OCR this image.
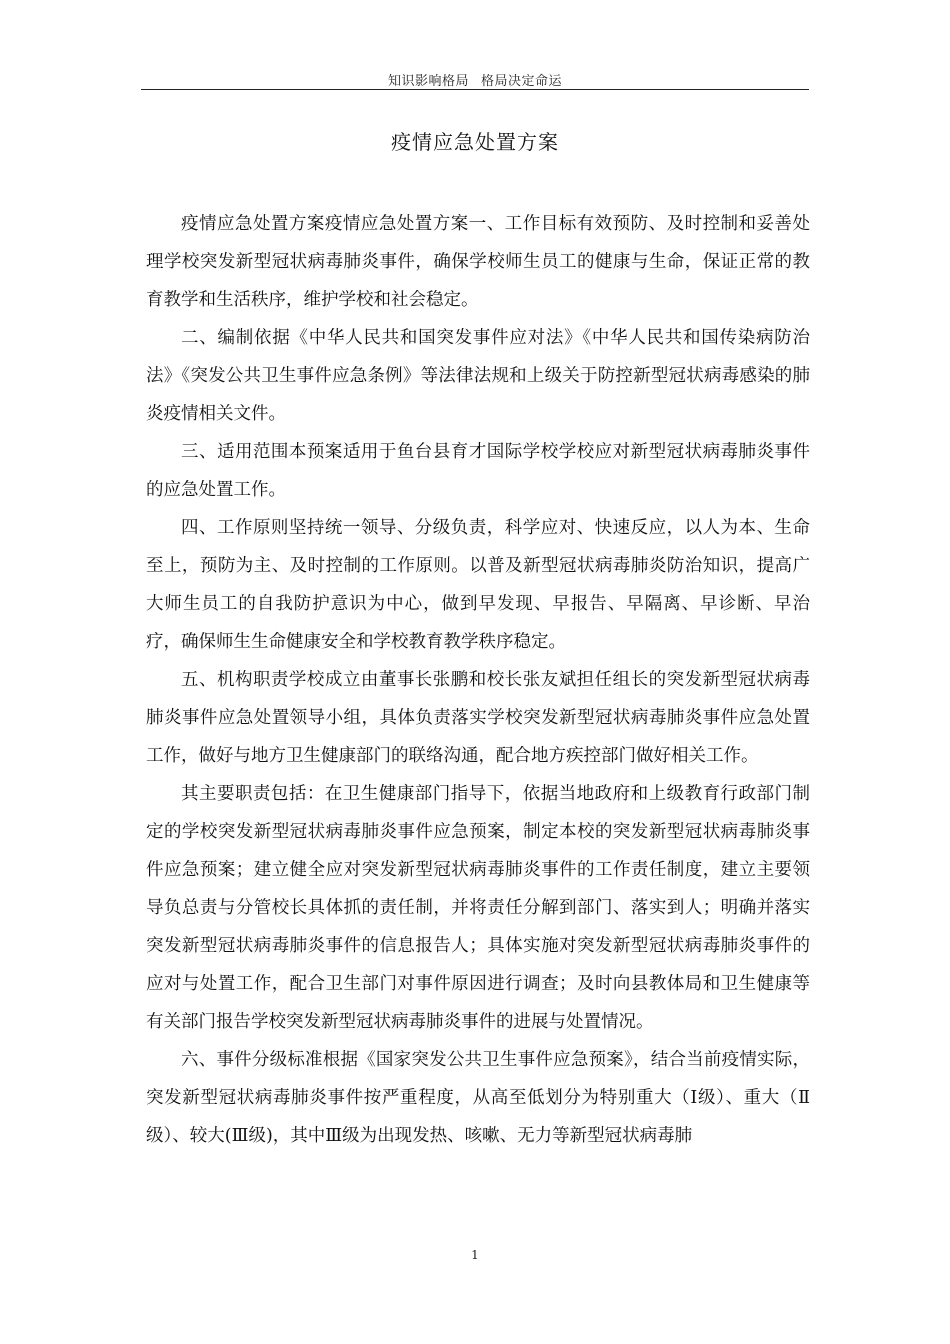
知识影响格局 格局决定命运
疫情应急处置方案

疫情应急处置方案疫情应急处置方案一、工作目标有效预防、及时控制和妥善处理学校突发新型冠状病毒肺炎事件，确保学校师生员工的健康与生命，保证正常的教育教学和生活秩序，维护学校和社会稳定。

二、编制依据《中华人民共和国突发事件应对法》《中华人民共和国传染病防治法》《突发公共卫生事件应急条例》等法律法规和上级关于防控新型冠状病毒感染的肺炎疫情相关文件。

三、适用范围本预案适用于鱼台县育才国际学校学校应对新型冠状病毒肺炎事件的应急处置工作。

四、工作原则坚持统一领导、分级负责，科学应对、快速反应，以人为本、生命至上，预防为主、及时控制的工作原则。以普及新型冠状病毒肺炎防治知识，提高广大师生员工的自我防护意识为中心，做到早发现、早报告、早隔离、早诊断、早治疗，确保师生生命健康安全和学校教育教学秩序稳定。

五、机构职责学校成立由董事长张鹏和校长张友斌担任组长的突发新型冠状病毒肺炎事件应急处置领导小组，具体负责落实学校突发新型冠状病毒肺炎事件应急处置工作，做好与地方卫生健康部门的联络沟通，配合地方疾控部门做好相关工作。

其主要职责包括：在卫生健康部门指导下，依据当地政府和上级教育行政部门制定的学校突发新型冠状病毒肺炎事件应急预案，制定本校的突发新型冠状病毒肺炎事件应急预案；建立健全应对突发新型冠状病毒肺炎事件的工作责任制度，建立主要领导负总责与分管校长具体抓的责任制，并将责任分解到部门、落实到人；明确并落实突发新型冠状病毒肺炎事件的信息报告人；具体实施对突发新型冠状病毒肺炎事件的应对与处置工作，配合卫生部门对事件原因进行调查；及时向县教体局和卫生健康等有关部门报告学校突发新型冠状病毒肺炎事件的进展与处置情况。

六、事件分级标准根据《国家突发公共卫生事件应急预案》，结合当前疫情实际，突发新型冠状病毒肺炎事件按严重程度，从高至低划分为特别重大（Ⅰ级）、重大（Ⅱ级）、较大(Ⅲ级)，其中Ⅲ级为出现发热、咳嗽、无力等新型冠状病毒肺

1
